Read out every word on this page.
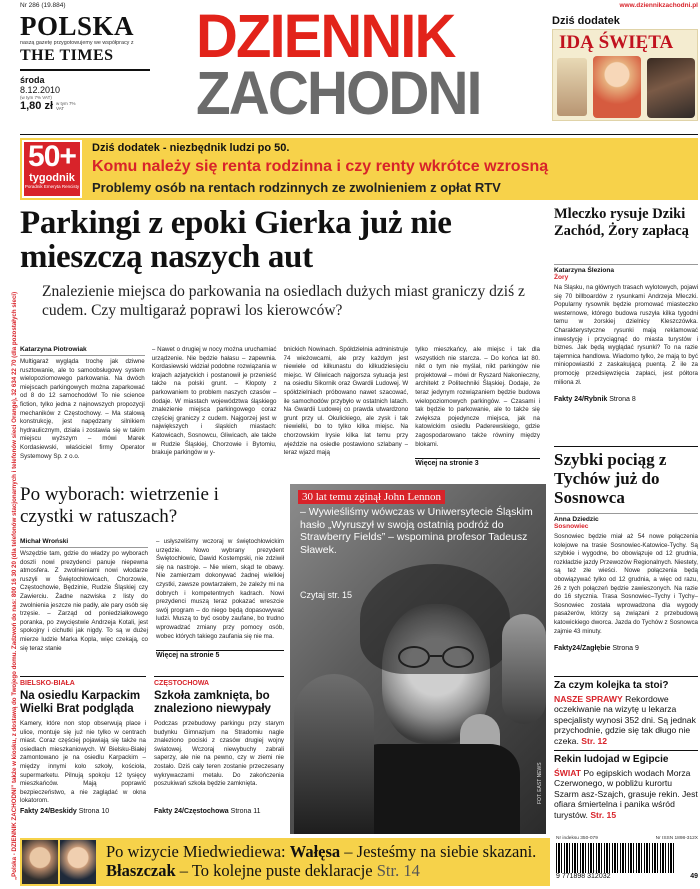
„Polska - DZIENNIK ZACHODNI” także w kiosku, z dostawą do Twojego domu. Zadzwoń do nas: 800 16 30 20 (dla telefonów stacjonarnych i telefonów sieci Orange), 32 634 22 70 (dla pozostałych sieci)
Nr 286 (19.884)
POLSKA
naszą gazetę przygotowujemy we współpracy z
THE TIMES
środa
8.12.2010
(w tym 7% VAT)
1,80 zł w tym 7% VAT
DZIENNIK
ZACHODNI
www.dziennikzachodni.pl
Dziś dodatek
IDĄ ŚWIĘTA
50+
tygodnik
Poradnik Emeryta Rencisty
Dziś dodatek - niezbędnik ludzi po 50.
Komu należy się renta rodzinna i czy renty wkrótce wzrosną
Problemy osób na rentach rodzinnych ze zwolnieniem z opłat RTV
Parkingi z epoki Gierka już nie mieszczą naszych aut
Znalezienie miejsca do parkowania na osiedlach dużych miast graniczy dziś z cudem. Czy multigaraż poprawi los kierowców?
Katarzyna Piotrowiak
Multigaraż wygląda trochę jak dziwne rusztowanie, ale to samoobsługowy system wielopoziomowego parkowania. Na dwóch miejscach parkingowych można zaparkować od 8 do 12 samochodów! To nie science fiction, tylko jedna z najnowszych propozycji mechaników z Częstochowy. – Ma stalową konstrukcję, jest napędzany silnikiem hydraulicznym, działa i zostawia się w takim miejscu wyższym – mówi Marek Kordasiewski, właściciel firmy Operator Systemowy Sp. z o.o.
– Nawet o drugiej w nocy można uruchamiać urządzenie. Nie będzie hałasu – zapewnia. Kordasiewski widział podobne rozwiązania w krajach azjatyckich i postanowił je przenieść także na polski grunt. – Kłopoty z parkowaniem to problem naszych czasów – dodaje. W miastach województwa śląskiego znalezienie miejsca parkingowego coraz częściej graniczy z cudem. Najgorzej jest w największych i śląskich miastach: Katowicach, Sosnowcu, Gliwicach, ale także w Rudzie Śląskiej, Chorzowie i Bytomiu, brakuje parkingów w y-
bnickich Nowinach. Spółdzielnia administruje 74 wieżowcami, ale przy każdym jest niewiele od kilkunastu do kilkudziesięciu miejsc. W Gliwicach najgorsza sytuacja jest na osiedlu Sikornik oraz Gwardii Ludowej. W spółdzielniach próbowano nawet szacować, ile samochodów przybyło w ostatnich latach. Na Gwardii Ludowej co prawda utwardzono grunt przy ul. Okulickiego, ale zysk i tak niewielki, bo to tylko kilka miejsc. Na chorzowskim Irysie kilka lat temu przy wjeździe na osiedle postawiono szlabany – teraz wjazd mają
tylko mieszkańcy, ale miejsc i tak dla wszystkich nie starcza. – Do końca lat 80. nikt o tym nie myślał, nikt parkingów nie projektował – mówi dr Ryszard Nakonieczny, architekt z Politechniki Śląskiej. Dodaje, że teraz jedynym rozwiązaniem będzie budowa wielopoziomowych parkingów. – Czasami i tak będzie to parkowanie, ale to także się zwiększa pojedyncze miejsca, jak na katowickim osiedlu Paderewskiego, gdzie zagospodarowano także równiny między blokami.
Więcej na stronie 3
Po wyborach: wietrzenie i czystki w ratuszach?
Michał Wroński
Wszędzie tam, gdzie do władzy po wyborach doszli nowi prezydenci panuje niepewna atmosfera. Z zwolnieniami nowi włodarze ruszyli w Świętochłowicach, Chorzowie, Częstochowie, Będzinie, Rudzie Śląskiej czy Zawierciu. Żadne nazwiska z listy do zwolnienia jeszcze nie padły, ale pary osób się trzęsie. – Zarząd od poniedziałkowego poranka, po zwycięstwie Andrzeja Kotali, jest spokojny i cichutki jak nigdy. To są w dużej mierze ludzie Marka Kopla, więc czekają, co się teraz stanie
– usłyszeliśmy wczoraj w świętochłowickim urzędzie. Nowo wybrany prezydent Świętochłowic, Dawid Kostempski, nie zdziwił się na nastroje. – Nie wiem, skąd te obawy. Nie zamierzam dokonywać żadnej wielkiej czystki, zawsze powtarzałem, że zależy mi na dobrych i kompetentnych kadrach. Nowi prezydenci muszą teraz pokazać wreszcie swój program – do niego będą dopasowywać ludzi. Muszą to być osoby zaufane, bo trudno wprowadzać zmiany przy pomocy osób, wobec których takiego zaufania się nie ma.
Więcej na stronie 5
BIELSKO-BIAŁA
Na osiedlu Karpackim Wielki Brat podgląda
Kamery, które non stop obserwują place i ulice, montuje się już nie tylko w centrach miast. Coraz częściej pojawiają się także na osiedlach mieszkaniowych. W Bielsku-Białej zamontowano je na osiedlu Karpackim – między innymi koło szkoły, kościoła, supermarketu. Pilnują spokoju 12 tysięcy mieszkańców. Mają poprawić bezpieczeństwo, a nie zaglądać w okna lokatorom.
Fakty 24/Beskidy Strona 10
CZĘSTOCHOWA
Szkoła zamknięta, bo znaleziono niewypały
Podczas przebudowy parkingu przy starym budynku Gimnazjum na Stradomiu nagle znaleziono pociski z czasów drugiej wojny światowej. Wczoraj niewybuchy zabrali saperzy, ale nie na pewno, czy w ziemi nie zostało. Dziś cały teren zostanie przeczesany wykrywaczami metalu. Do zakończenia poszukiwań szkoła będzie zamknięta.
Fakty 24/Częstochowa Strona 11
30 lat temu zginął John Lennon
– Wywieśliśmy wówczas w Uniwersytecie Śląskim hasło „Wyruszył w swoją ostatnią podróż do Strawberry Fields” – wspomina profesor Tadeusz Sławek.
Czytaj str. 15
FOT. EAST NEWS
Mleczko rysuje Dziki Zachód, Żory zapłacą
Katarzyna Śleziona
Żory
Na Śląsku, na głównych trasach wylotowych, pojawi się 70 billboardów z rysunkami Andrzeja Mleczki. Popularny rysownik będzie promować miasteczko westernowe, którego budowa ruszyła kilka tygodni temu w żorskiej dzielnicy Kleszczówka. Charakterystyczne rysunki mają reklamować inwestycję i przyciągnąć do miasta turystów i biznes. Jak będą wyglądać rysunki? To na razie tajemnica handlowa. Wiadomo tylko, że mają to być miniopowiastki z zaskakującą puentą. Z ile za promocję przedsięwzięcia zapłaci, jest półtora miliona zł.
Fakty 24/Rybnik Strona 8
Szybki pociąg z Tychów już do Sosnowca
Anna Dziedzic
Sosnowiec
Sosnowiec będzie miał aż 54 nowe połączenia kolejowe na trasie Sosnowiec-Katowice-Tychy. Są szybkie i wygodne, bo obowiązuje od 12 grudnia, rozkładzie jazdy Przewozów Regionalnych. Niestety, są też złe wieści. Nowe połączenia będą obowiązywać tylko od 12 grudnia, a więc od razu, 26 z tych połączeń będzie zawieszonych. Na razie do 16 stycznia. Trasa Sosnowiec–Tychy i Tychy–Sosnowiec została wprowadzona dla wygody pasażerów, którzy są związani z przebudową katowickiego dworca. Jazda do Tychów z Sosnowca zajmie 43 minuty.
Fakty24/Zagłębie Strona 9
Za czym kolejka ta stoi?
NASZE SPRAWY Rekordowe oczekiwanie na wizytę u lekarza specjalisty wynosi 352 dni. Są jednak przychodnie, gdzie się tak długo nie czeka. Str. 12
Rekin ludojad w Egipcie
ŚWIAT Po egipskich wodach Morza Czerwonego, w pobliżu kurortu Szarm asz-Szajch, grasuje rekin. Jest ofiara śmiertelna i panika wśród turystów. Str. 15
Nr indeksu 350-079	Nr ISSN 1898-312X
9 771898 312032	49
Po wizycie Miedwiediewa: Wałęsa – Jesteśmy na siebie skazani. Błaszczak – To kolejne puste deklaracje Str. 14
